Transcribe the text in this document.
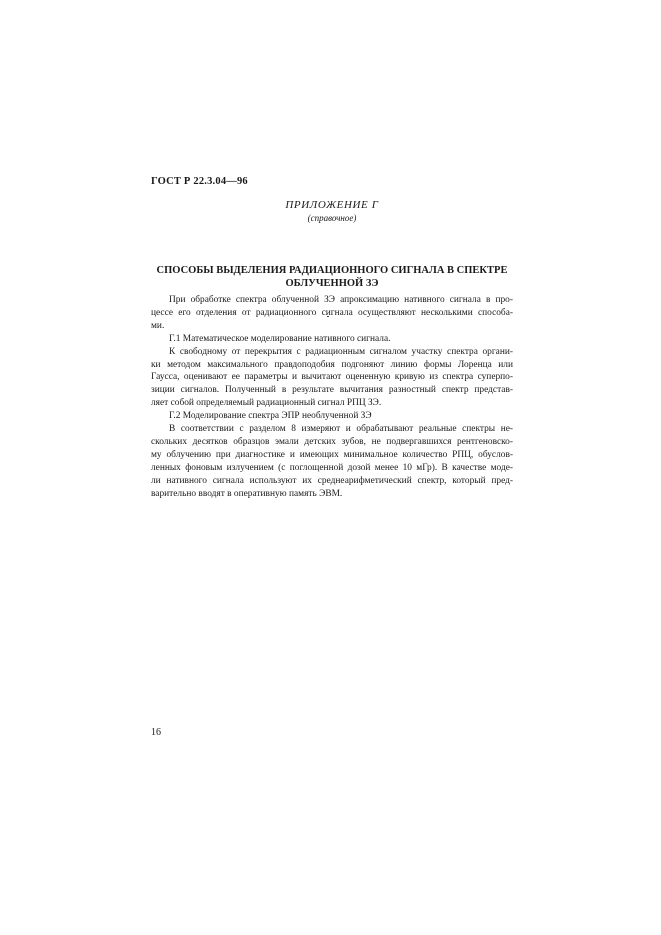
ГОСТ Р 22.3.04—96
ПРИЛОЖЕНИЕ Г
(справочное)
СПОСОБЫ ВЫДЕЛЕНИЯ РАДИАЦИОННОГО СИГНАЛА В СПЕКТРЕ
ОБЛУЧЕННОЙ ЗЭ
При обработке спектра облученной ЗЭ апроксимацию нативного сигнала в про-
цессе его отделения от радиационного сигнала осуществляют несколькими способа-
ми.
Г.1 Математическое моделирование нативного сигнала.
К свободному от перекрытия с радиационным сигналом участку спектра органи-
ки методом максимального правдоподобия подгоняют линию формы Лоренца или
Гаусса, оценивают ее параметры и вычитают оцененную кривую из спектра суперпо-
зиции сигналов. Полученный в результате вычитания разностный спектр представ-
ляет собой определяемый радиационный сигнал РПЦ ЗЭ.
Г.2 Моделирование спектра ЭПР необлученной ЗЭ
В соответствии с разделом 8 измеряют и обрабатывают реальные спектры не-
скольких десятков образцов эмали детских зубов, не подвергавшихся рентгеновско-
му облучению при диагностике и имеющих минимальное количество РПЦ, обуслов-
ленных фоновым излучением (с поглощенной дозой менее 10 мГр). В качестве моде-
ли нативного сигнала используют их среднеарифметический спектр, который пред-
варительно вводят в оперативную память ЭВМ.
16
